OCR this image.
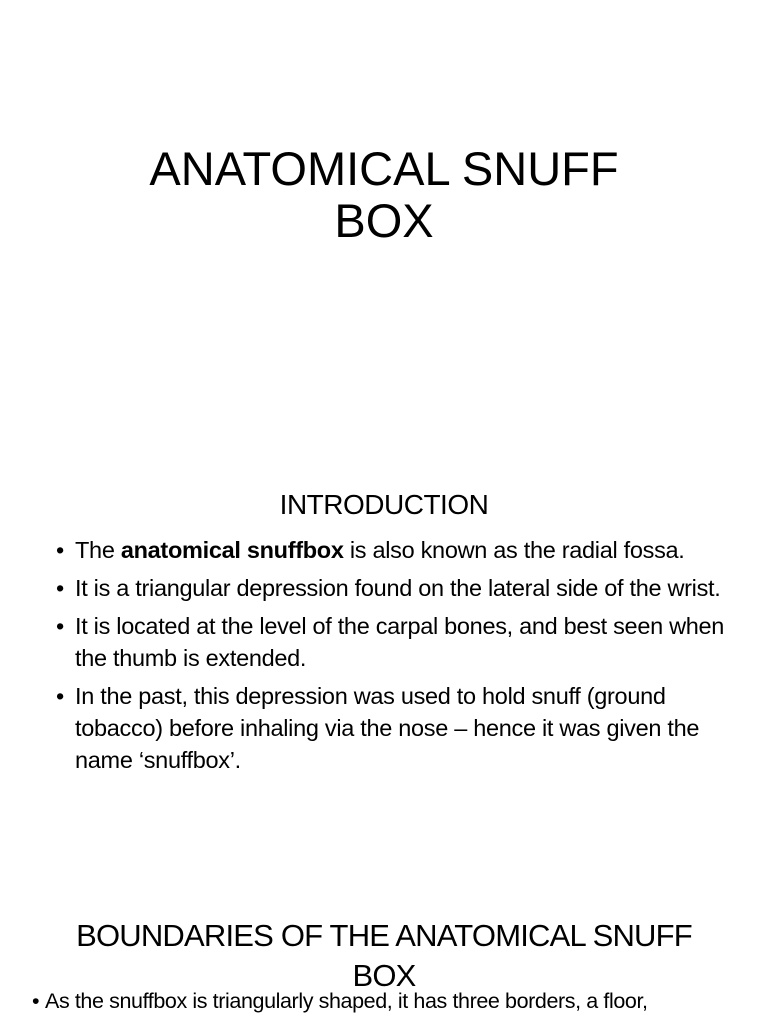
ANATOMICAL SNUFF
BOX
INTRODUCTION
• The anatomical snuffbox is also known as the radial fossa.
• It is a triangular depression found on the lateral side of the wrist.
• It is located at the level of the carpal bones, and best seen when the thumb is extended.
• In the past, this depression was used to hold snuff (ground tobacco) before inhaling via the nose – hence it was given the name ‘snuffbox’.
BOUNDARIES OF THE ANATOMICAL SNUFF
BOX
• As the snuffbox is triangularly shaped, it has three borders, a floor,
